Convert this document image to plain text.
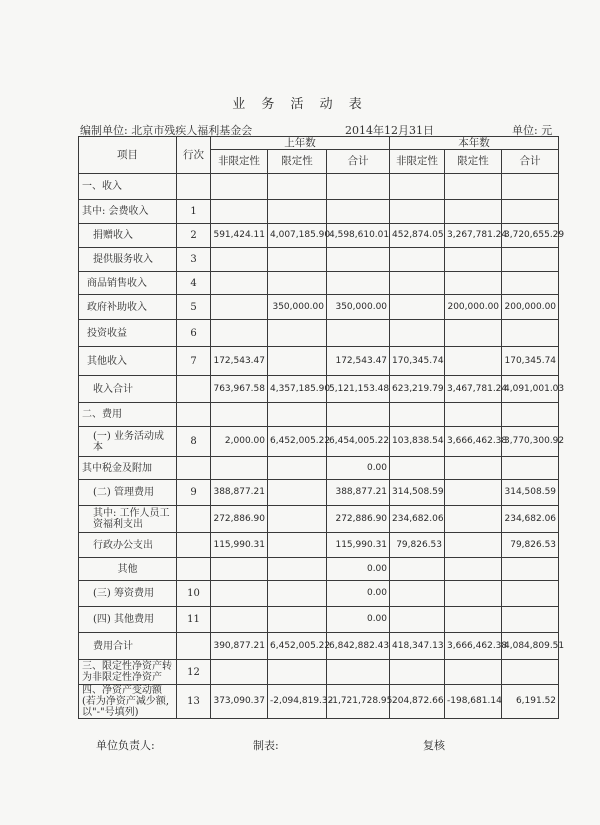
业 务 活 动 表
编制单位: 北京市残疾人福利基金会	2014年12月31日	单位: 元
项目	行次	上年数			本年数		
		非限定性	限定性	合计	非限定性	限定性	合计
一、收入							
其中: 会费收入	1						
捐赠收入	2	591,424.11	4,007,185.90	4,598,610.01	452,874.05	3,267,781.24	3,720,655.29
提供服务收入	3						
商品销售收入	4						
政府补助收入	5		350,000.00	350,000.00		200,000.00	200,000.00
投资收益	6						
其他收入	7	172,543.47		172,543.47	170,345.74		170,345.74
收入合计		763,967.58	4,357,185.90	5,121,153.48	623,219.79	3,467,781.24	4,091,001.03
二、费用							
(一) 业务活动成本	8	2,000.00	6,452,005.22	6,454,005.22	103,838.54	3,666,462.38	3,770,300.92
其中税金及附加				0.00			
(二) 管理费用	9	388,877.21		388,877.21	314,508.59		314,508.59
其中: 工作人员工资福利支出		272,886.90		272,886.90	234,682.06		234,682.06
行政办公支出		115,990.31		115,990.31	79,826.53		79,826.53
其他				0.00			
(三) 筹资费用	10			0.00			
(四) 其他费用	11			0.00			
费用合计		390,877.21	6,452,005.22	6,842,882.43	418,347.13	3,666,462.38	4,084,809.51
三、限定性净资产转为非限定性净资产	12						
四、净资产变动额 (若为净资产减少额, 以"-"号填列)	13	373,090.37	-2,094,819.32	-1,721,728.95	204,872.66	-198,681.14	6,191.52
单位负责人:	制表:	复核
